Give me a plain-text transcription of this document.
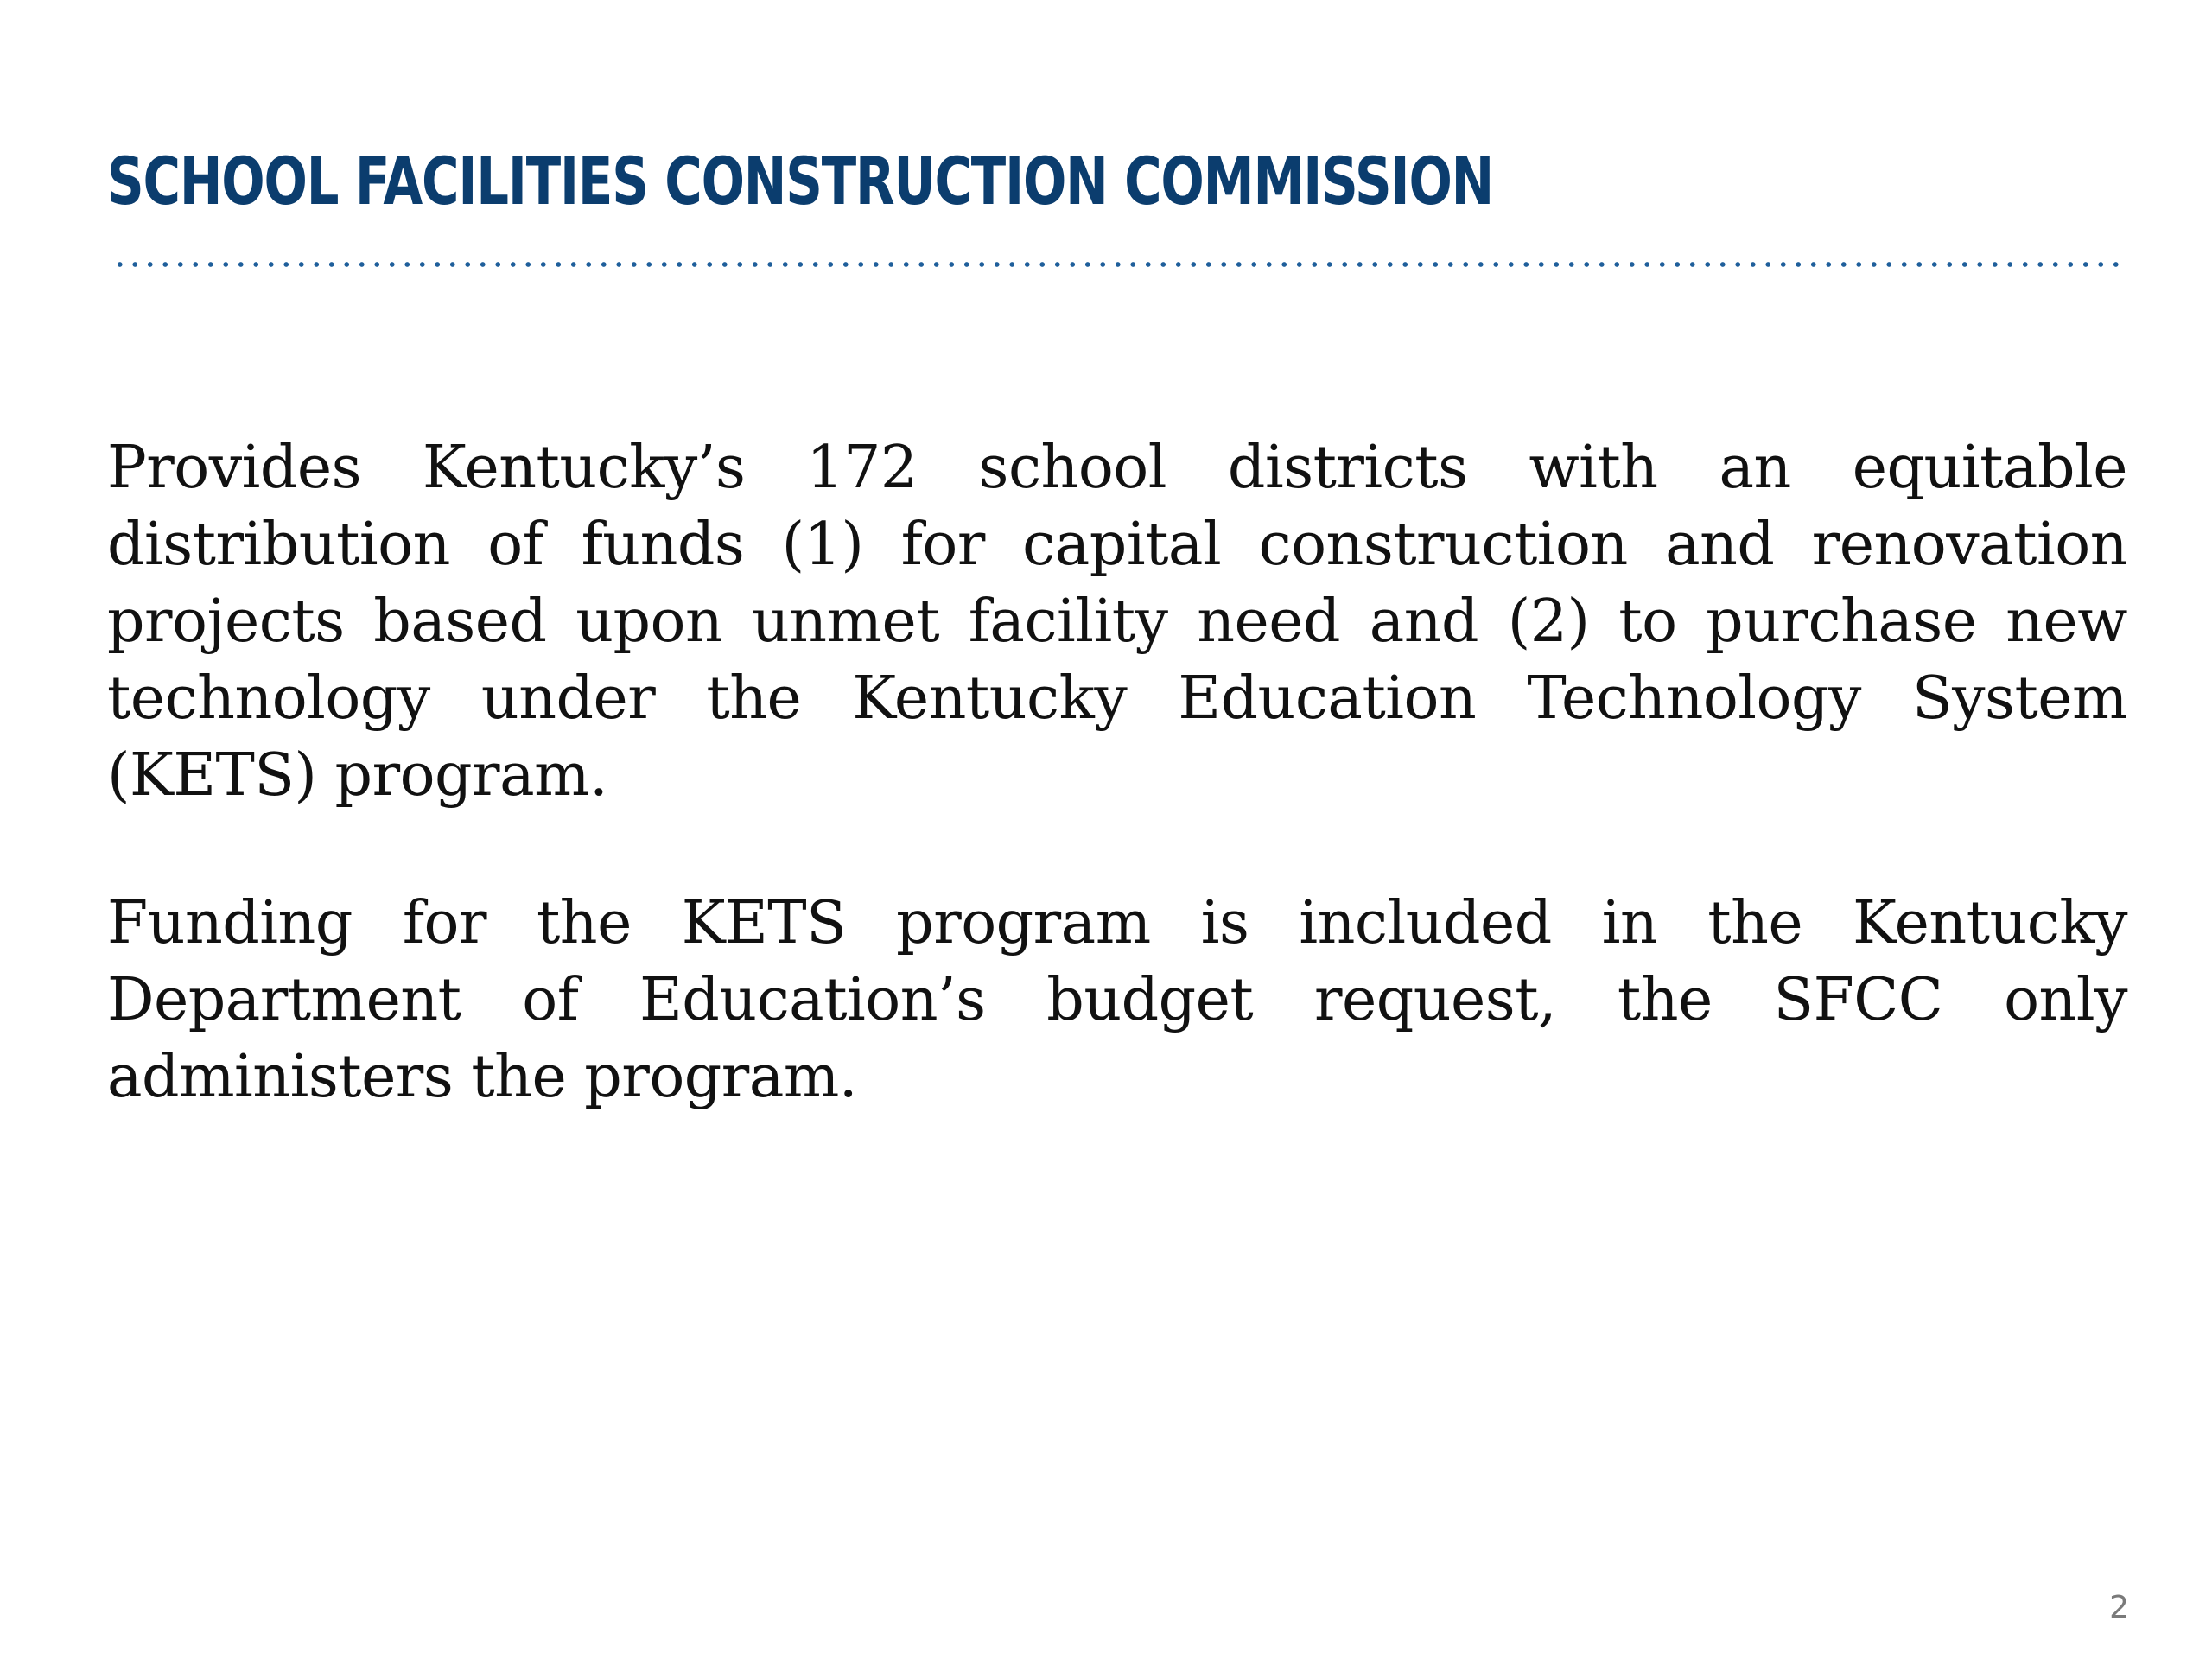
SCHOOL FACILITIES CONSTRUCTION COMMISSION

Provides Kentucky’s 172 school districts with an equitable distribution of funds (1) for capital construction and renovation projects based upon unmet facility need and (2) to purchase new technology under the Kentucky Education Technology System (KETS) program.

Funding for the KETS program is included in the Kentucky Department of Education’s budget request, the SFCC only administers the program.

2
